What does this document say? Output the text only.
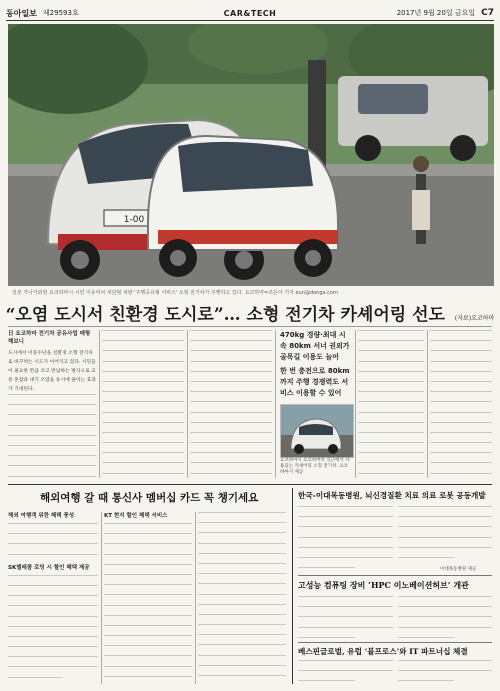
동아일보 제29593호	CAR&TECH	2017년 9월 20일 금요일 C7
1-00
일본 가나가와현 요코하마시 시민 이유미씨 차단형 차량 '주행공유형 서비스' 소형 전기차가 주행하고 있다. 요코하마=조은아 기자 eun@donga.com
“오염 도시서 친환경 도시로”… 소형 전기차 카셰어링 선도 (자료)요코하마
日 요코하마 전기차 공유사업 매형 해보니
도시에서 이동수단을 친환경 소형 전기차로 바꾸려는 시도가 이어지고 있다. 시민들이 필요한 만큼 쓰고 반납하는 방식으로 교통 혼잡과 대기 오염을 동시에 줄이는 효과가 기대된다.
470kg 경량·최대 시속 80km 서너 권외가 골목길 이용도 늘어
한 번 충전으로 80km까지 주행 경쟁력도 서비스 이용할 수 있어
요코하마시 요코하마역 인근에서 사용되는 카셰어링 소형 전기차. 요코하마시 제공
해외여행 갈 때 통신사 멤버십 카드 꼭 챙기세요
해외 여행객 위한 혜택 풍성
SK텔레콤 로밍 시 할인 혜택 제공
KT 현지 할인 혜택 서비스
한국-이대목동병원, 뇌신경질환 치료 의료 로봇 공동개발
이대목동병원 제공
고성능 컴퓨팅 장비 ‘HPC 이노베이션허브’ 개관
베스핀글로벌, 유럽 ‘블프로스’와 IT 파트너십 체결
